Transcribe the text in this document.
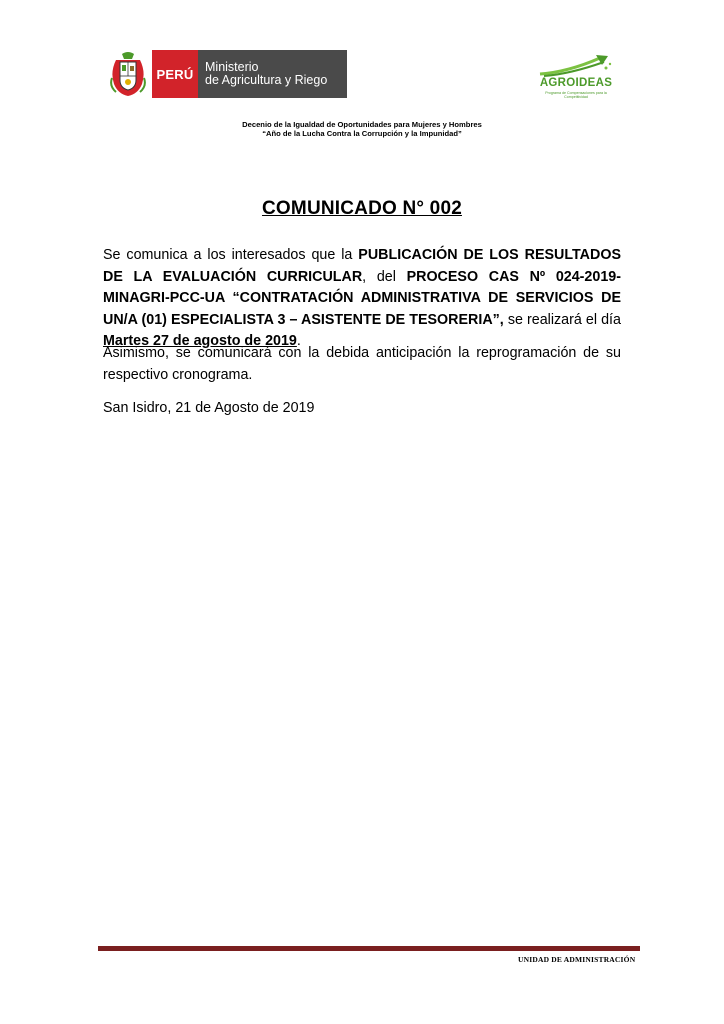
PERÚ Ministerio
de Agricultura y Riego	AGROIDEAS
Programa de Compensaciones para la Competitividad
Decenio de la Igualdad de Oportunidades para Mujeres y Hombres
“Año de la Lucha Contra la Corrupción y la Impunidad”
COMUNICADO N° 002
Se comunica a los interesados que la PUBLICACIÓN DE LOS RESULTADOS DE LA EVALUACIÓN CURRICULAR, del PROCESO CAS Nº 024-2019-MINAGRI-PCC-UA “CONTRATACIÓN ADMINISTRATIVA DE SERVICIOS DE UN/A (01) ESPECIALISTA 3 – ASISTENTE DE TESORERIA”, se realizará el día Martes 27 de agosto de 2019.
Asimismo, se comunicará con la debida anticipación la reprogramación de su respectivo cronograma.
San Isidro, 21 de Agosto de 2019
UNIDAD DE ADMINISTRACIÓN
